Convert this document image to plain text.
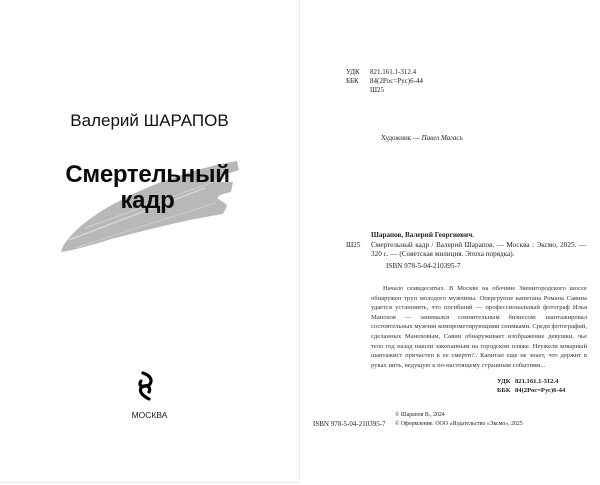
Валерий ШАРАПОВ
Смертельный
кадр
МОСКВА
УДК	821.161.1-312.4
ББК	84(2Рос=Рус)6-44
Ш25
Художник — Павел Магась
Шарапов, Валерий Георгиевич.
Ш25	Смертельный кадр / Валерий Шарапов. — Москва : Эксмо, 2025. — 320 с. — (Советская милиция. Эпоха порядка).
ISBN 978-5-04-210395-7
Начало семидесятых. В Москве на обочине Звенигородского шоссе обнаружен труп молодого мужчины. Опергруппе капитана Романа Савина удается установить, что погибший — профессиональный фотограф Илья Манохов — занимался сомнительным бизнесом: шантажировал состоятельных мужчин компрометирующими снимками. Среди фотографий, сделанных Маноховым, Савин обнаруживает изображение девушки, чье тело год назад нашли закопанным на городском пляже. Неужели коварный шантажист причастен к ее смерти?.. Капитан еще не знает, что держит в руках нить, ведущую к по-настоящему страшным событиям...
УДК 821.161.1-312.4
ББК 84(2Рос=Рус)6-44
ISBN 978-5-04-210395-7
© Шарапов В., 2024
© Оформление. ООО «Издательство «Эксмо», 2025
